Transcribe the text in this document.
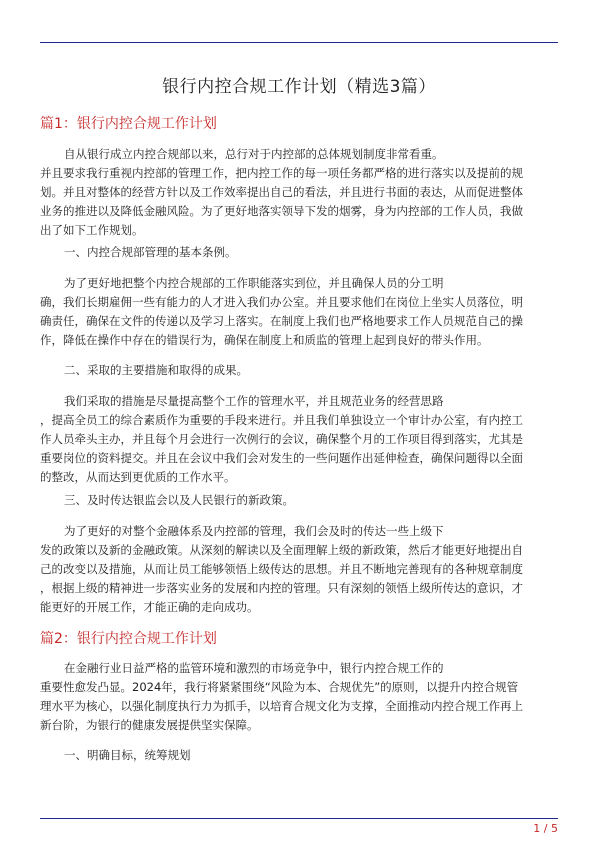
银行内控合规工作计划（精选3篇）
篇1：银行内控合规工作计划
自从银行成立内控合规部以来，总行对于内控部的总体规划制度非常看重。
并且要求我行重视内控部的管理工作，把内控工作的每一项任务都严格的进行落实以及提前的规
划。并且对整体的经营方针以及工作效率提出自己的看法，并且进行书面的表达，从而促进整体
业务的推进以及降低金融风险。为了更好地落实领导下发的烟雾，身为内控部的工作人员，我做
出了如下工作规划。
一、内控合规部管理的基本条例。
为了更好地把整个内控合规部的工作职能落实到位，并且确保人员的分工明
确，我们长期雇佣一些有能力的人才进入我们办公室。并且要求他们在岗位上坐实人员落位，明
确责任，确保在文件的传递以及学习上落实。在制度上我们也严格地要求工作人员规范自己的操
作，降低在操作中存在的错误行为，确保在制度上和质监的管理上起到良好的带头作用。
二、采取的主要措施和取得的成果。
我们采取的措施是尽量提高整个工作的管理水平，并且规范业务的经营思路
，提高全员工的综合素质作为重要的手段来进行。并且我们单独设立一个审计办公室，有内控工
作人员牵头主办，并且每个月会进行一次例行的会议，确保整个月的工作项目得到落实，尤其是
重要岗位的资料提交。并且在会议中我们会对发生的一些问题作出延伸检查，确保问题得以全面
的整改，从而达到更优质的工作水平。
三、及时传达银监会以及人民银行的新政策。
为了更好的对整个金融体系及内控部的管理，我们会及时的传达一些上级下
发的政策以及新的金融政策。从深刻的解读以及全面理解上级的新政策，然后才能更好地提出自
己的改变以及措施，从而让员工能够领悟上级传达的思想。并且不断地完善现有的各种规章制度
，根据上级的精神进一步落实业务的发展和内控的管理。只有深刻的领悟上级所传达的意识，才
能更好的开展工作，才能正确的走向成功。
篇2：银行内控合规工作计划
在金融行业日益严格的监管环境和激烈的市场竞争中，银行内控合规工作的
重要性愈发凸显。2024年，我行将紧紧围绕“风险为本、合规优先”的原则，以提升内控合规管
理水平为核心，以强化制度执行力为抓手，以培育合规文化为支撑，全面推动内控合规工作再上
新台阶，为银行的健康发展提供坚实保障。
一、明确目标，统筹规划
1 / 5
